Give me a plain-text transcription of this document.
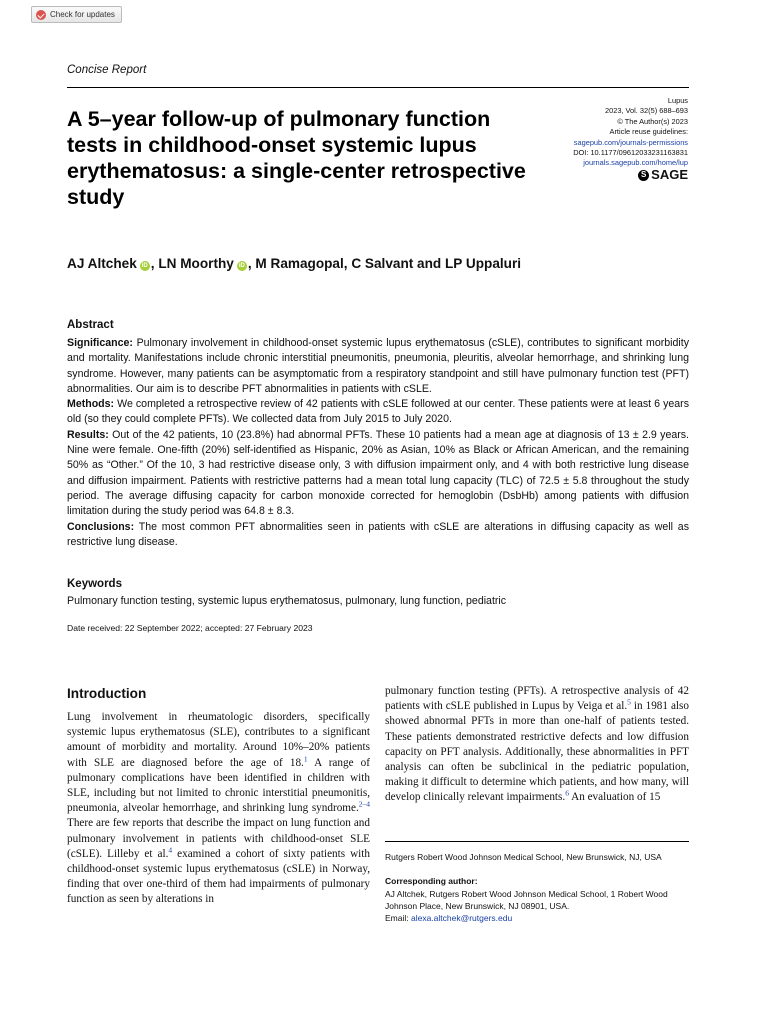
Check for updates
Concise Report
A 5–year follow-up of pulmonary function tests in childhood-onset systemic lupus erythematosus: a single-center retrospective study
Lupus
2023, Vol. 32(5) 688–693
© The Author(s) 2023
Article reuse guidelines:
sagepub.com/journals-permissions
DOI: 10.1177/09612033231163831
journals.sagepub.com/home/lup
S SAGE
AJ Altchek iD , LN Moorthy iD , M Ramagopal, C Salvant and LP Uppaluri
Abstract

Significance: Pulmonary involvement in childhood-onset systemic lupus erythematosus (cSLE), contributes to significant morbidity and mortality. Manifestations include chronic interstitial pneumonitis, pneumonia, pleuritis, alveolar hemorrhage, and shrinking lung syndrome. However, many patients can be asymptomatic from a respiratory standpoint and still have pulmonary function test (PFT) abnormalities. Our aim is to describe PFT abnormalities in patients with cSLE.

Methods: We completed a retrospective review of 42 patients with cSLE followed at our center. These patients were at least 6 years old (so they could complete PFTs). We collected data from July 2015 to July 2020.

Results: Out of the 42 patients, 10 (23.8%) had abnormal PFTs. These 10 patients had a mean age at diagnosis of 13 ± 2.9 years. Nine were female. One-fifth (20%) self-identified as Hispanic, 20% as Asian, 10% as Black or African American, and the remaining 50% as “Other.” Of the 10, 3 had restrictive disease only, 3 with diffusion impairment only, and 4 with both restrictive lung disease and diffusion impairment. Patients with restrictive patterns had a mean total lung capacity (TLC) of 72.5 ± 5.8 throughout the study period. The average diffusing capacity for carbon monoxide corrected for hemoglobin (DsbHb) among patients with diffusion limitation during the study period was 64.8 ± 8.3.

Conclusions: The most common PFT abnormalities seen in patients with cSLE are alterations in diffusing capacity as well as restrictive lung disease.

Keywords
Pulmonary function testing, systemic lupus erythematosus, pulmonary, lung function, pediatric
Date received: 22 September 2022; accepted: 27 February 2023
Introduction

Lung involvement in rheumatologic disorders, specifically systemic lupus erythematosus (SLE), contributes to a significant amount of morbidity and mortality. Around 10%–20% patients with SLE are diagnosed before the age of 18.$^1$ A range of pulmonary complications have been identified in children with SLE, including but not limited to chronic interstitial pneumonitis, pneumonia, alveolar hemorrhage, and shrinking lung syndrome.$^{2-4}$ There are few reports that describe the impact on lung function and pulmonary involvement in patients with childhood-onset SLE (cSLE). Lilleby et al.$^4$ examined a cohort of sixty patients with childhood-onset systemic lupus erythematosus (cSLE) in Norway, finding that over one-third of them had impairments of pulmonary function as seen by alterations in

pulmonary function testing (PFTs). A retrospective analysis of 42 patients with cSLE published in Lupus by Veiga et al.$^5$ in 1981 also showed abnormal PFTs in more than one-half of patients tested. These patients demonstrated restrictive defects and low diffusion capacity on PFT analysis. Additionally, these abnormalities in PFT analysis can often be subclinical in the pediatric population, making it difficult to determine which patients, and how many, will develop clinically relevant impairments.$^6$ An evaluation of 15

Rutgers Robert Wood Johnson Medical School, New Brunswick, NJ, USA
Corresponding author:
AJ Altchek, Rutgers Robert Wood Johnson Medical School, 1 Robert Wood Johnson Place, New Brunswick, NJ 08901, USA.
Email: alexa.altchek@rutgers.edu
